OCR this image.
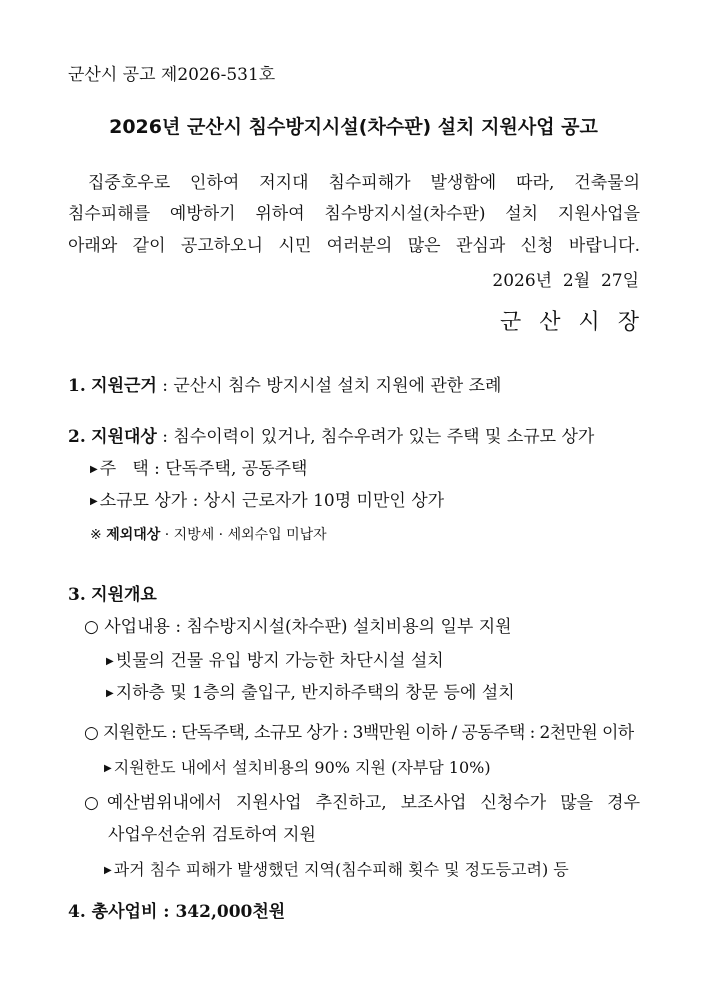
군산시 공고 제2026-531호
2026년 군산시 침수방지시설(차수판) 설치 지원사업 공고
집중호우로 인하여 저지대 침수피해가 발생함에 따라, 건축물의
침수피해를 예방하기 위하여 침수방지시설(차수판) 설치 지원사업을
아래와 같이 공고하오니 시민 여러분의 많은 관심과 신청 바랍니다.
2026년  2월  27일
군산시장
1. 지원근거 : 군산시 침수 방지시설 설치 지원에 관한 조례
2. 지원대상 : 침수이력이 있거나, 침수우려가 있는 주택 및 소규모 상가
▶ 주   택 : 단독주택, 공동주택
▶ 소규모 상가 : 상시 근로자가 10명 미만인 상가
※ 제외대상 · 지방세 · 세외수입 미납자
3. 지원개요
○ 사업내용 : 침수방지시설(차수판) 설치비용의 일부 지원
▶ 빗물의 건물 유입 방지 가능한 차단시설 설치
▶ 지하층 및 1층의 출입구, 반지하주택의 창문 등에 설치
○ 지원한도 : 단독주택, 소규모 상가 : 3백만원 이하 / 공동주택 : 2천만원 이하
▶ 지원한도 내에서 설치비용의 90% 지원 (자부담 10%)
○ 예산범위내에서 지원사업 추진하고, 보조사업 신청수가 많을 경우
사업우선순위 검토하여 지원
▶ 과거 침수 피해가 발생했던 지역(침수피해 횟수 및 정도등고려) 등
4. 총사업비 : 342,000천원
